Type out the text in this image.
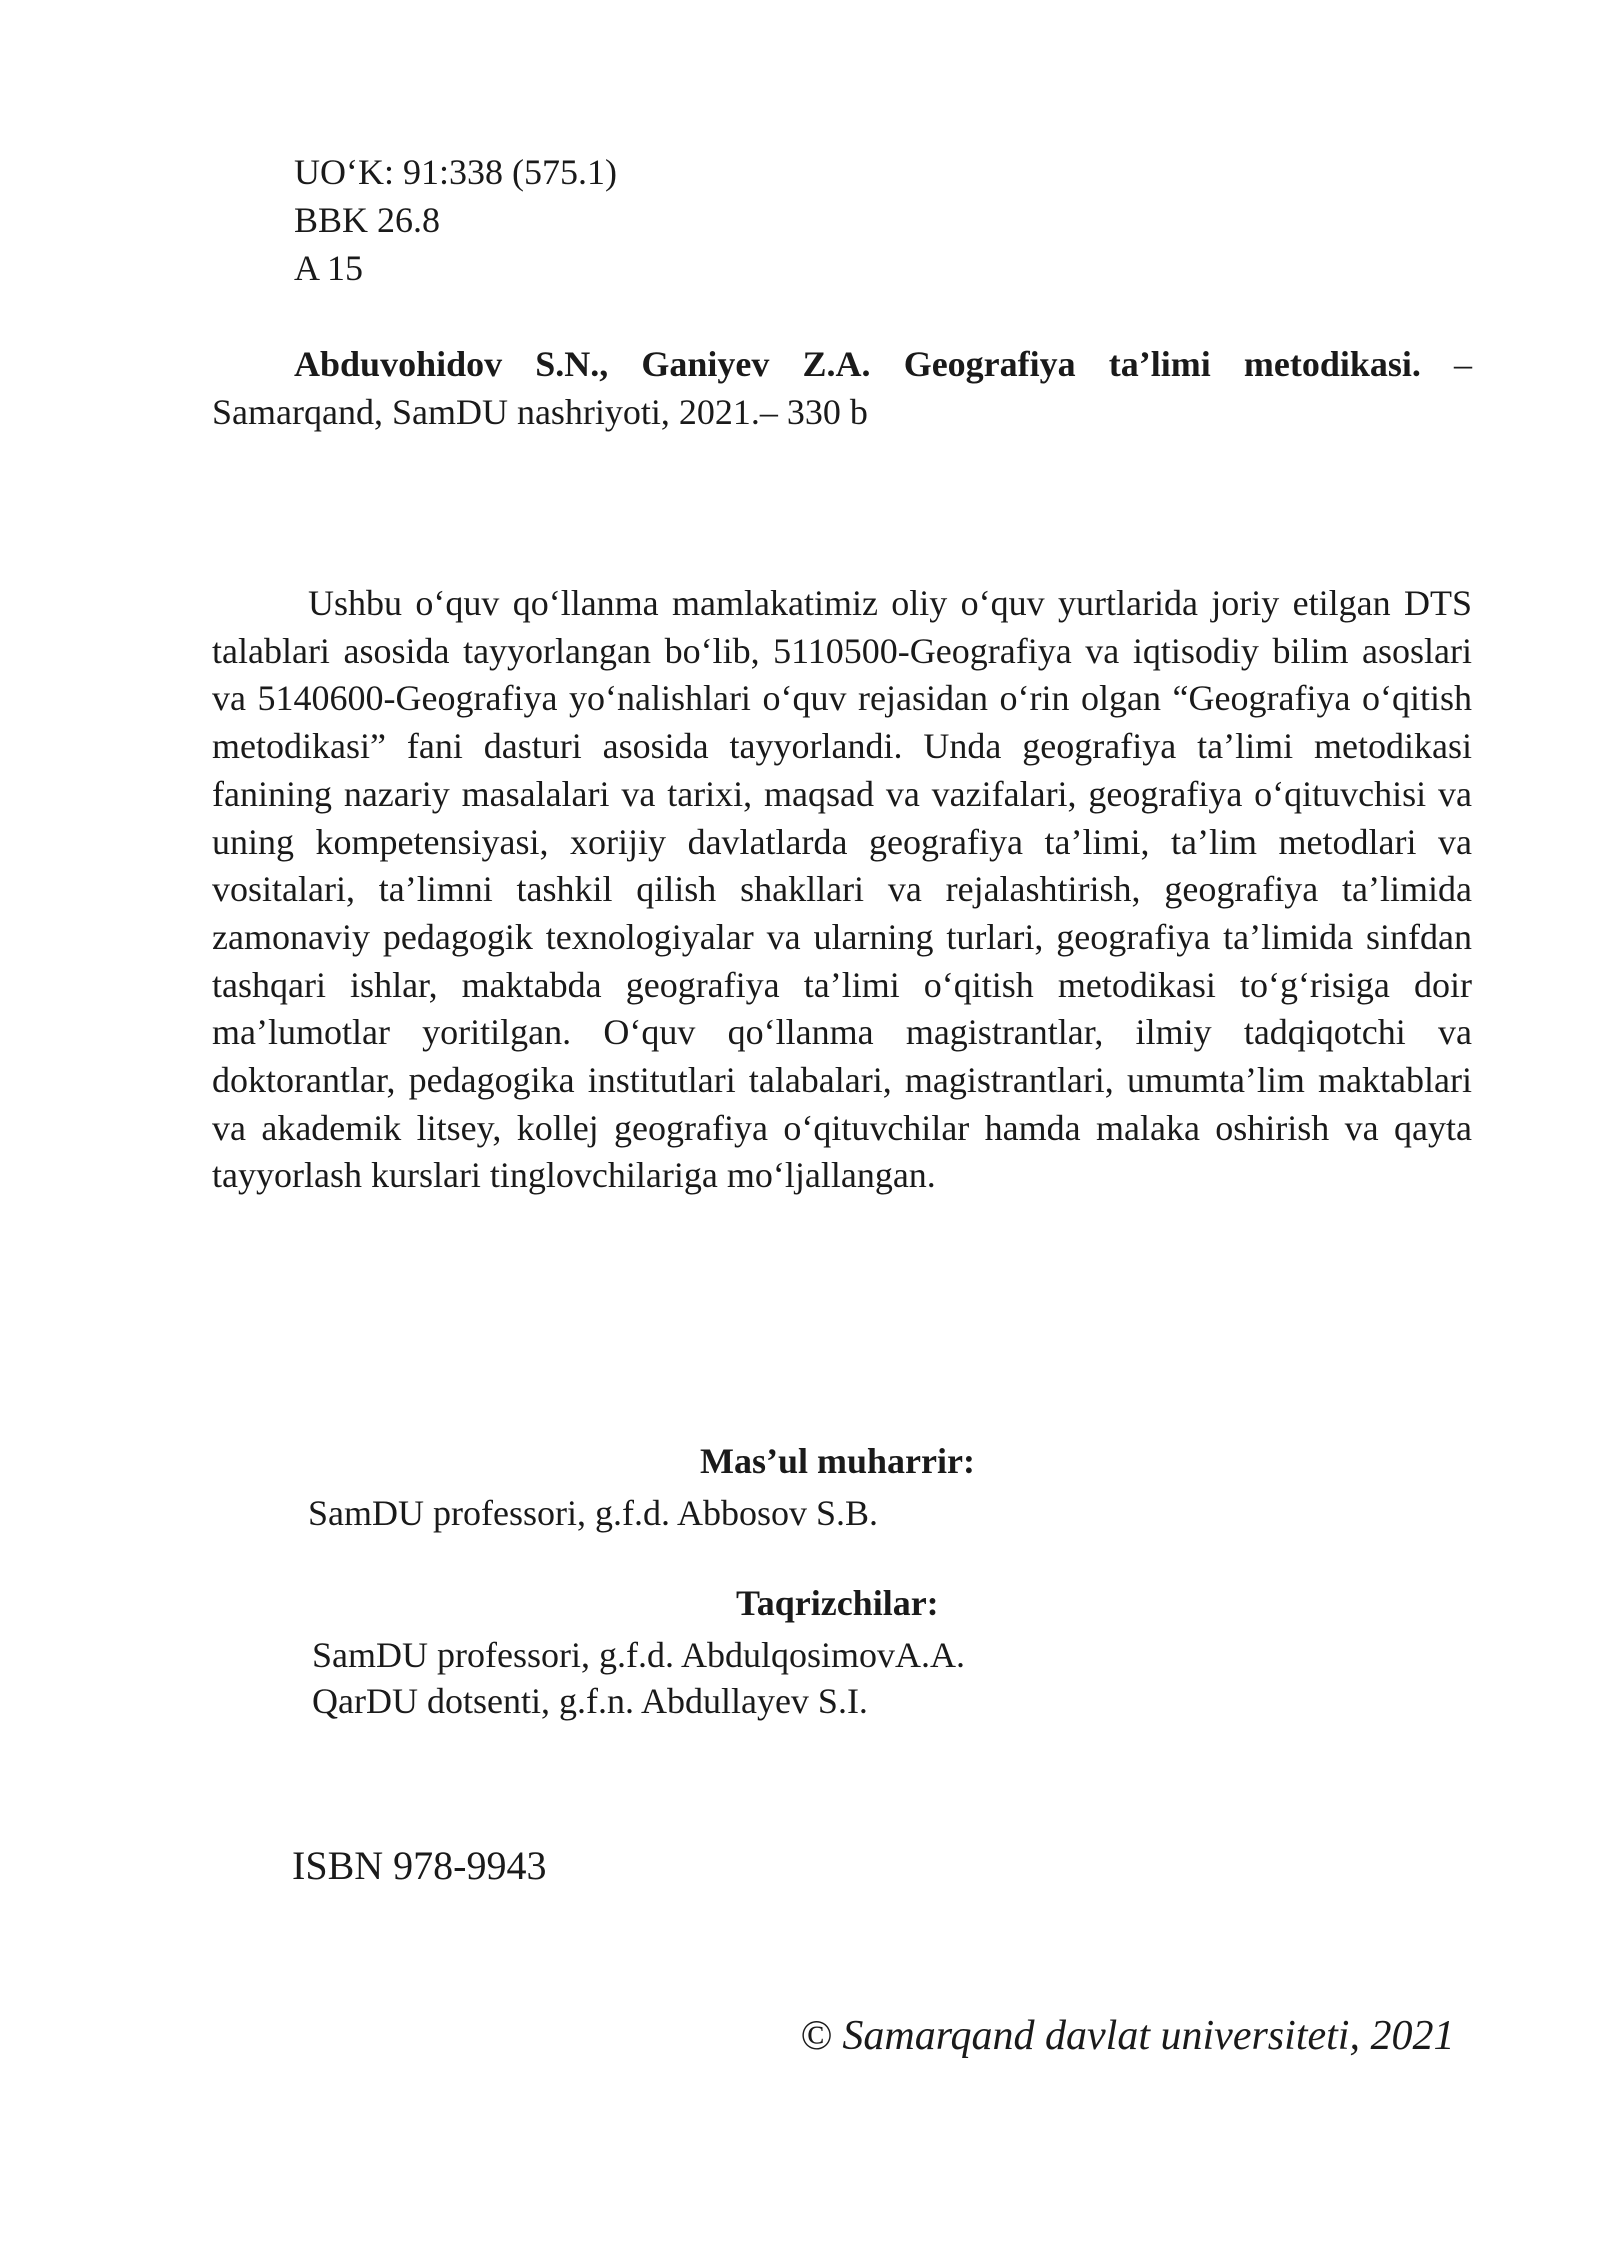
UO‘K: 91:338 (575.1)
BBK 26.8
A 15
Abduvohidov S.N., Ganiyev Z.A. Geografiya ta’limi metodikasi. –
Samarqand, SamDU nashriyoti, 2021.– 330 b
Ushbu o‘quv qo‘llanma mamlakatimiz oliy o‘quv yurtlarida joriy etilgan DTS talablari asosida tayyorlangan bo‘lib, 5110500-Geografiya va iqtisodiy bilim asoslari va 5140600-Geografiya yo‘nalishlari o‘quv rejasidan o‘rin olgan “Geografiya o‘qitish metodikasi” fani dasturi asosida tayyorlandi. Unda geografiya ta’limi metodikasi fanining nazariy masalalari va tarixi, maqsad va vazifalari, geografiya o‘qituvchisi va uning kompetensiyasi, xorijiy davlatlarda geografiya ta’limi, ta’lim metodlari va vositalari, ta’limni tashkil qilish shakllari va rejalashtirish, geografiya ta’limida zamonaviy pedagogik texnologiyalar va ularning turlari, geografiya ta’limida sinfdan tashqari ishlar, maktabda geografiya ta’limi o‘qitish metodikasi to‘g‘risiga doir ma’lumotlar yoritilgan. O‘quv qo‘llanma magistrantlar, ilmiy tadqiqotchi va doktorantlar, pedagogika institutlari talabalari, magistrantlari, umumta’lim maktablari va akademik litsey, kollej geografiya o‘qituvchilar hamda malaka oshirish va qayta tayyorlash kurslari tinglovchilariga mo‘ljallangan.
Mas’ul muharrir:
SamDU professori, g.f.d. Abbosov S.B.
Taqrizchilar:
SamDU professori, g.f.d. AbdulqosimovA.A.
QarDU dotsenti, g.f.n. Abdullayev S.I.
ISBN 978-9943
© Samarqand davlat universiteti, 2021
